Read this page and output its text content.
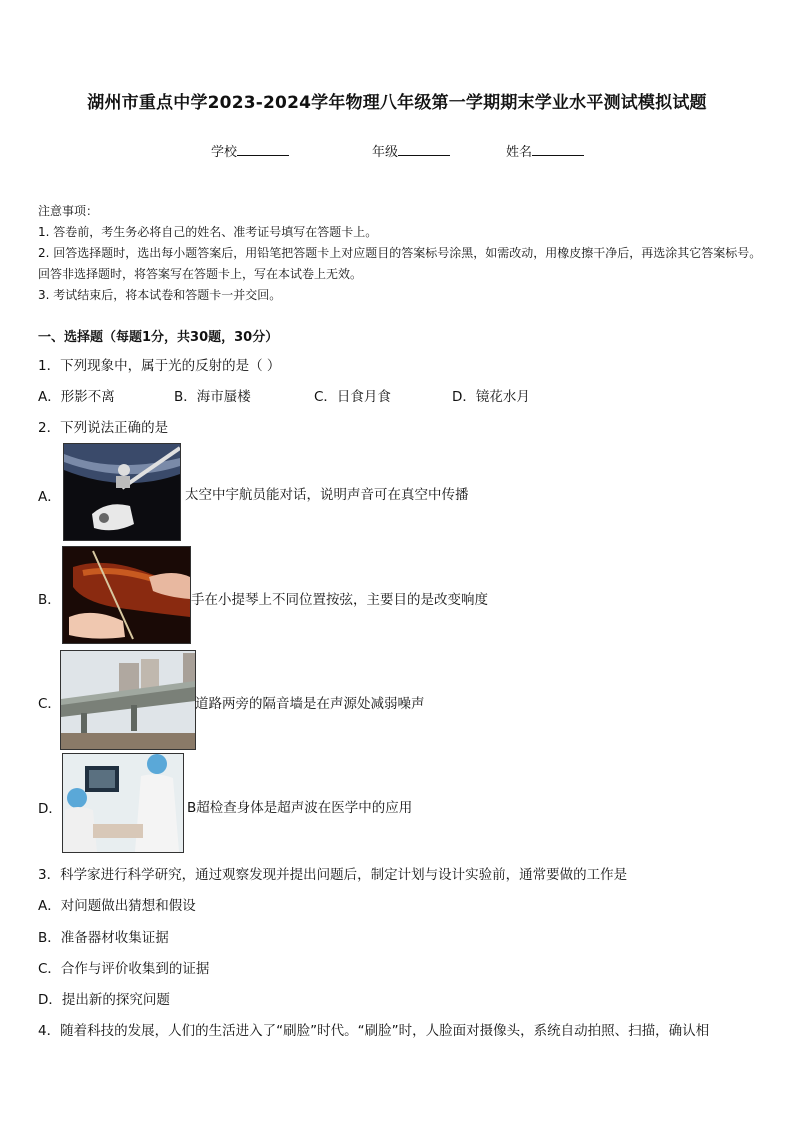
湖州市重点中学2023-2024学年物理八年级第一学期期末学业水平测试模拟试题
学校	年级	姓名
注意事项：
1. 答卷前，考生务必将自己的姓名、准考证号填写在答题卡上。
2. 回答选择题时，选出每小题答案后，用铅笔把答题卡上对应题目的答案标号涂黑，如需改动，用橡皮擦干净后，再选涂其它答案标号。回答非选择题时，将答案写在答题卡上，写在本试卷上无效。
3. 考试结束后，将本试卷和答题卡一并交回。
一、选择题（每题1分，共30题，30分）
1．下列现象中，属于光的反射的是（ ）
A．形影不离	B．海市蜃楼	C．日食月食	D．镜花水月
2．下列说法正确的是
A．	太空中宇航员能对话，说明声音可在真空中传播
B．	手在小提琴上不同位置按弦，主要目的是改变响度
C．	道路两旁的隔音墙是在声源处减弱噪声
D．	B超检查身体是超声波在医学中的应用
3．科学家进行科学研究，通过观察发现并提出问题后，制定计划与设计实验前，通常要做的工作是
A．对问题做出猜想和假设
B．准备器材收集证据
C．合作与评价收集到的证据
D．提出新的探究问题
4．随着科技的发展，人们的生活进入了“刷脸”时代。“刷脸”时，人脸面对摄像头，系统自动拍照、扫描，确认相
